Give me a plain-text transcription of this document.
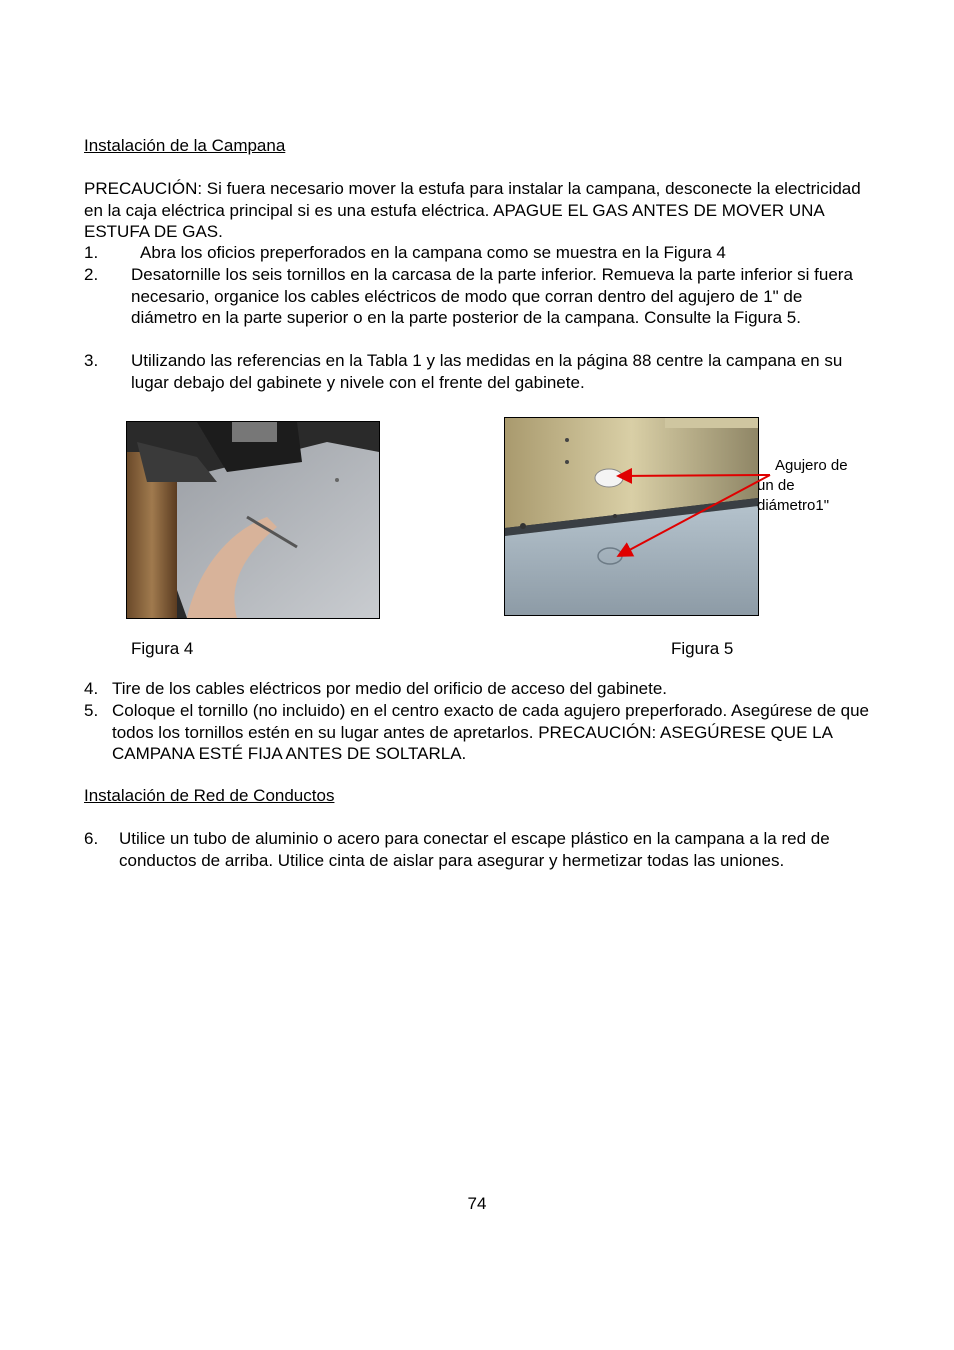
Instalación de la Campana
PRECAUCIÓN: Si fuera necesario mover la estufa para instalar la campana, desconecte la electricidad en la caja eléctrica principal si es una estufa eléctrica. APAGUE EL GAS ANTES DE MOVER UNA ESTUFA DE GAS.
1. Abra los oficios preperforados en la campana como se muestra en la Figura 4
2. Desatornille los seis tornillos en la carcasa de la parte inferior. Remueva la parte inferior si fuera necesario, organice los cables eléctricos de modo que corran dentro del agujero de 1" de diámetro en la parte superior o en la parte posterior de la campana. Consulte la Figura 5.
3. Utilizando las referencias en la Tabla 1 y las medidas en la página 88 centre la campana en su lugar debajo del gabinete y nivele con el frente del gabinete.
Agujero de
un de
diámetro1"
Figura 4	Figura 5
4. Tire de los cables eléctricos por medio del orificio de acceso del gabinete.
5. Coloque el tornillo (no incluido) en el centro exacto de cada agujero preperforado. Asegúrese de que todos los tornillos estén en su lugar antes de apretarlos. PRECAUCIÓN: ASEGÚRESE QUE LA CAMPANA ESTÉ FIJA ANTES DE SOLTARLA.
Instalación de Red de Conductos
6. Utilice un tubo de aluminio o acero para conectar el escape plástico en la campana a la red de conductos de arriba. Utilice cinta de aislar para asegurar y hermetizar todas las uniones.
74
